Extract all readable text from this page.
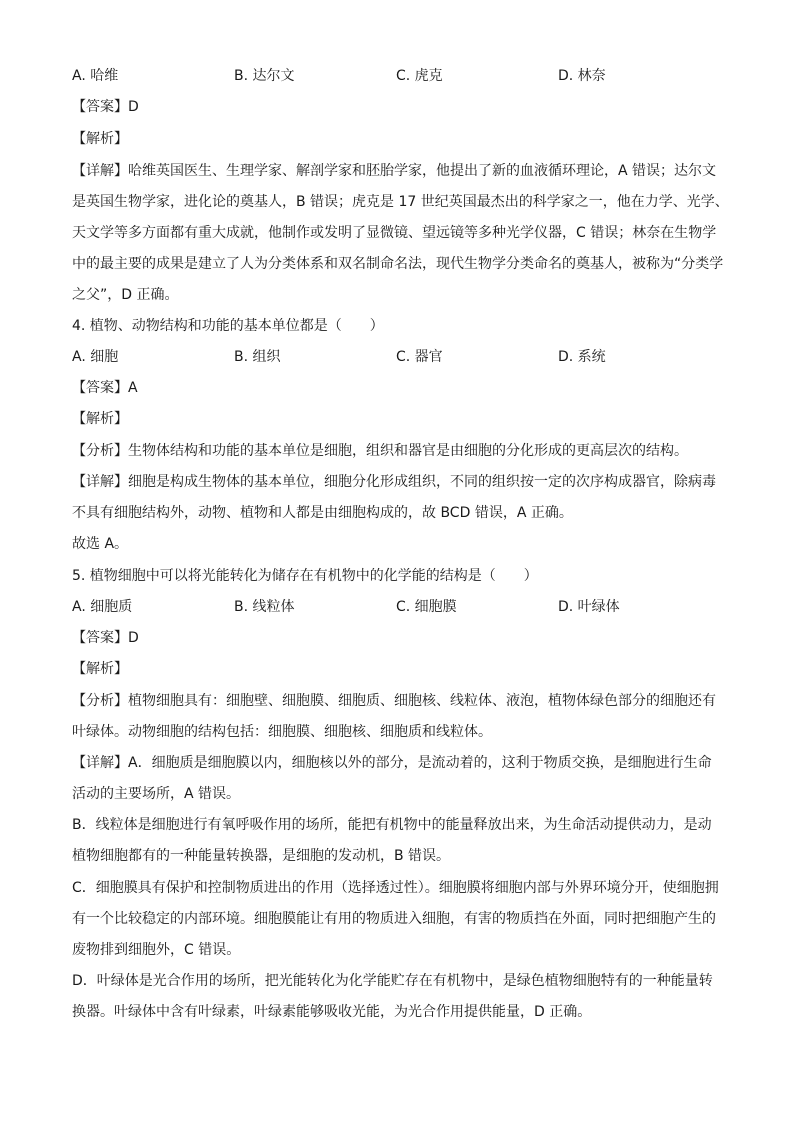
A. 哈维	B. 达尔文	C. 虎克	D. 林奈
【答案】D
【解析】
【详解】哈维英国医生、生理学家、解剖学家和胚胎学家，他提出了新的血液循环理论，A 错误；达尔文
是英国生物学家，进化论的奠基人，B 错误；虎克是 17 世纪英国最杰出的科学家之一，他在力学、光学、
天文学等多方面都有重大成就，他制作或发明了显微镜、望远镜等多种光学仪器，C 错误；林奈在生物学
中的最主要的成果是建立了人为分类体系和双名制命名法，现代生物学分类命名的奠基人，被称为“分类学
之父”，D 正确。
4. 植物、动物结构和功能的基本单位都是（　　）
A. 细胞	B. 组织	C. 器官	D. 系统
【答案】A
【解析】
【分析】生物体结构和功能的基本单位是细胞，组织和器官是由细胞的分化形成的更高层次的结构。
【详解】细胞是构成生物体的基本单位，细胞分化形成组织，不同的组织按一定的次序构成器官，除病毒
不具有细胞结构外，动物、植物和人都是由细胞构成的，故 BCD 错误，A 正确。
故选 A。
5. 植物细胞中可以将光能转化为储存在有机物中的化学能的结构是（　　）
A. 细胞质	B. 线粒体	C. 细胞膜	D. 叶绿体
【答案】D
【解析】
【分析】植物细胞具有：细胞壁、细胞膜、细胞质、细胞核、线粒体、液泡，植物体绿色部分的细胞还有
叶绿体。动物细胞的结构包括：细胞膜、细胞核、细胞质和线粒体。
【详解】A．细胞质是细胞膜以内，细胞核以外的部分，是流动着的，这利于物质交换，是细胞进行生命
活动的主要场所，A 错误。
B．线粒体是细胞进行有氧呼吸作用的场所，能把有机物中的能量释放出来，为生命活动提供动力，是动
植物细胞都有的一种能量转换器，是细胞的发动机，B 错误。
C．细胞膜具有保护和控制物质进出的作用（选择透过性）。细胞膜将细胞内部与外界环境分开，使细胞拥
有一个比较稳定的内部环境。细胞膜能让有用的物质进入细胞，有害的物质挡在外面，同时把细胞产生的
废物排到细胞外，C 错误。
D．叶绿体是光合作用的场所，把光能转化为化学能贮存在有机物中，是绿色植物细胞特有的一种能量转
换器。叶绿体中含有叶绿素，叶绿素能够吸收光能，为光合作用提供能量，D 正确。
